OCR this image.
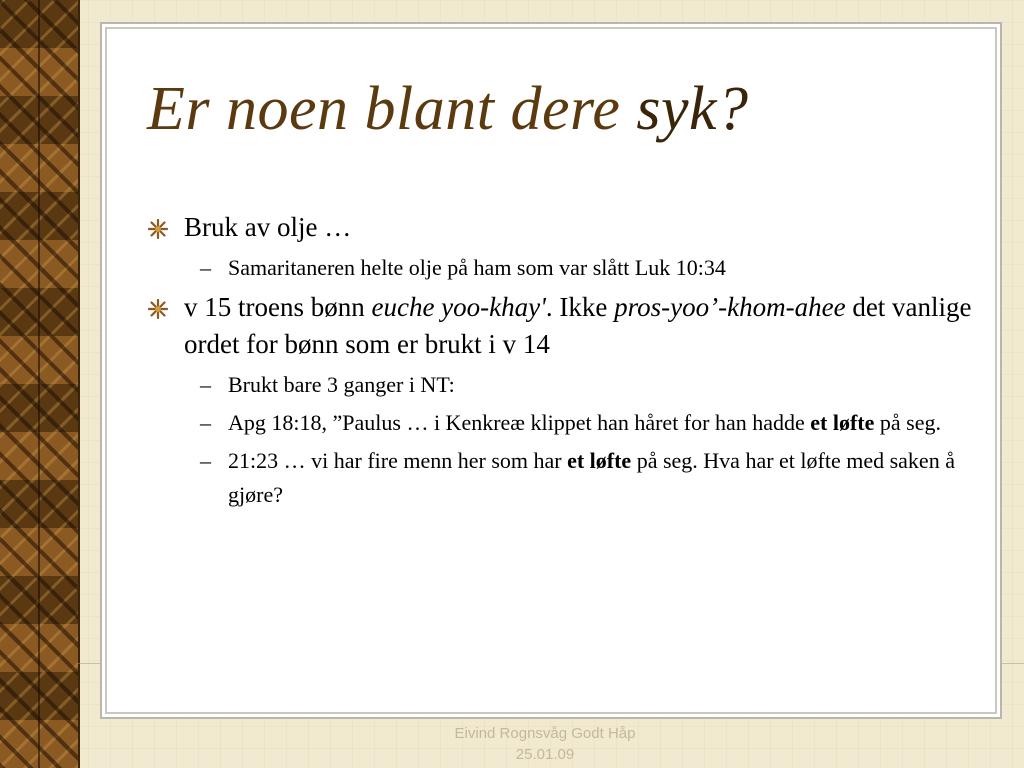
Er noen blant dere syk?
Bruk av olje …
– Samaritaneren helte olje på ham som var slått Luk 10:34
v 15 troens bønn euche yoo-khay'. Ikke pros-yoo’-khom-ahee det vanlige ordet for bønn som er brukt i v 14
– Brukt bare 3 ganger i NT:
– Apg 18:18, ”Paulus … i Kenkreæ klippet han håret for han hadde et løfte på seg.
– 21:23 … vi har fire menn her som har et løfte på seg. Hva har et løfte med saken å gjøre?
Eivind Rognsvåg Godt Håp
25.01.09
